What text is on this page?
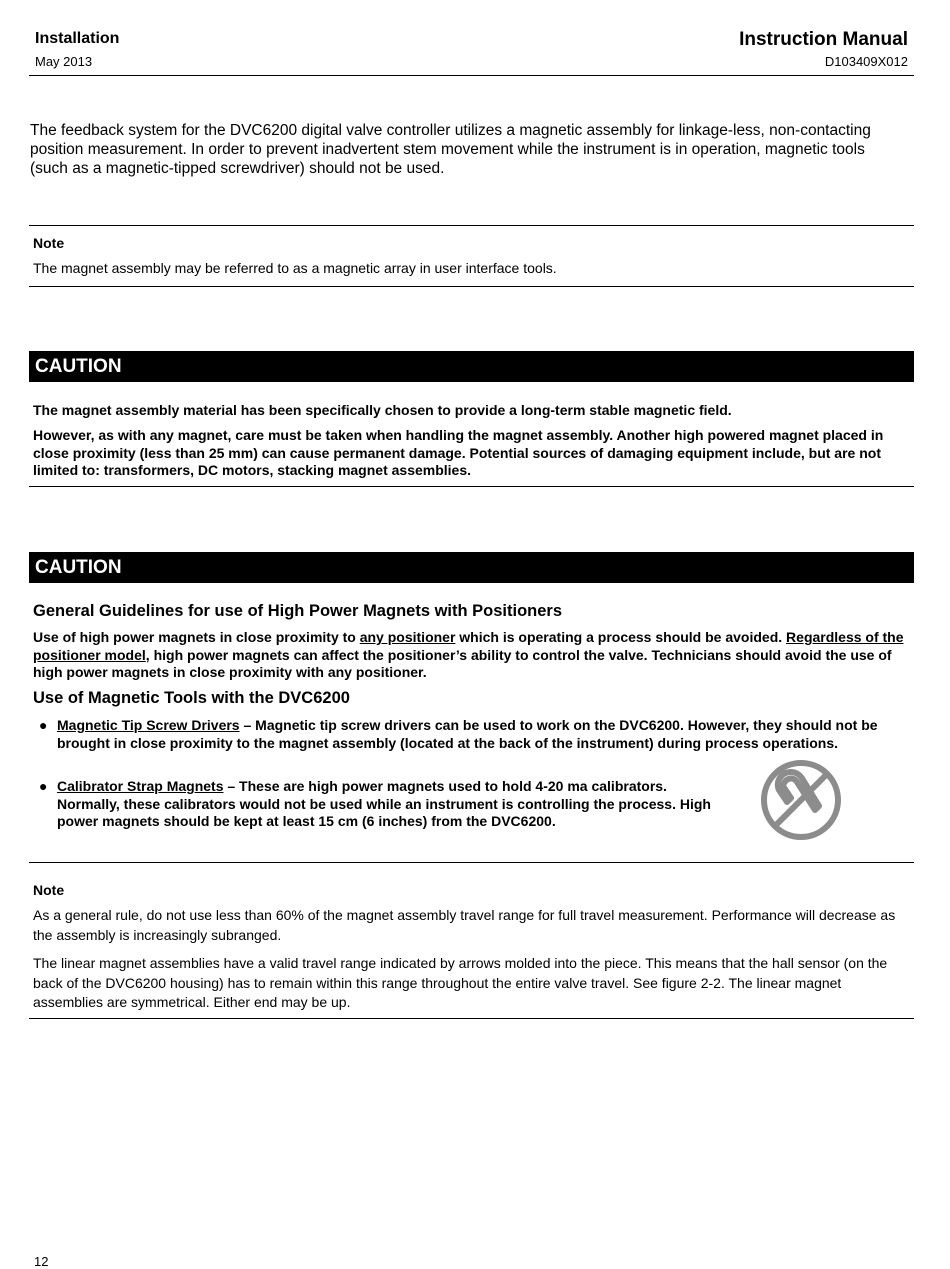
Installation
May 2013
Instruction Manual
D103409X012
The feedback system for the DVC6200 digital valve controller utilizes a magnetic assembly for linkage-less, non-contacting position measurement. In order to prevent inadvertent stem movement while the instrument is in operation, magnetic tools (such as a magnetic-tipped screwdriver) should not be used.
Note
The magnet assembly may be referred to as a magnetic array in user interface tools.
CAUTION
The magnet assembly material has been specifically chosen to provide a long-term stable magnetic field.
However, as with any magnet, care must be taken when handling the magnet assembly. Another high powered magnet placed in close proximity (less than 25 mm) can cause permanent damage. Potential sources of damaging equipment include, but are not limited to: transformers, DC motors, stacking magnet assemblies.
CAUTION
General Guidelines for use of High Power Magnets with Positioners
Use of high power magnets in close proximity to any positioner which is operating a process should be avoided. Regardless of the positioner model, high power magnets can affect the positioner’s ability to control the valve. Technicians should avoid the use of high power magnets in close proximity with any positioner.
Use of Magnetic Tools with the DVC6200
● Magnetic Tip Screw Drivers – Magnetic tip screw drivers can be used to work on the DVC6200. However, they should not be brought in close proximity to the magnet assembly (located at the back of the instrument) during process operations.
● Calibrator Strap Magnets – These are high power magnets used to hold 4-20 ma calibrators. Normally, these calibrators would not be used while an instrument is controlling the process. High power magnets should be kept at least 15 cm (6 inches) from the DVC6200.
Note
As a general rule, do not use less than 60% of the magnet assembly travel range for full travel measurement. Performance will decrease as the assembly is increasingly subranged.
The linear magnet assemblies have a valid travel range indicated by arrows molded into the piece. This means that the hall sensor (on the back of the DVC6200 housing) has to remain within this range throughout the entire valve travel. See figure 2-2. The linear magnet assemblies are symmetrical. Either end may be up.
12
